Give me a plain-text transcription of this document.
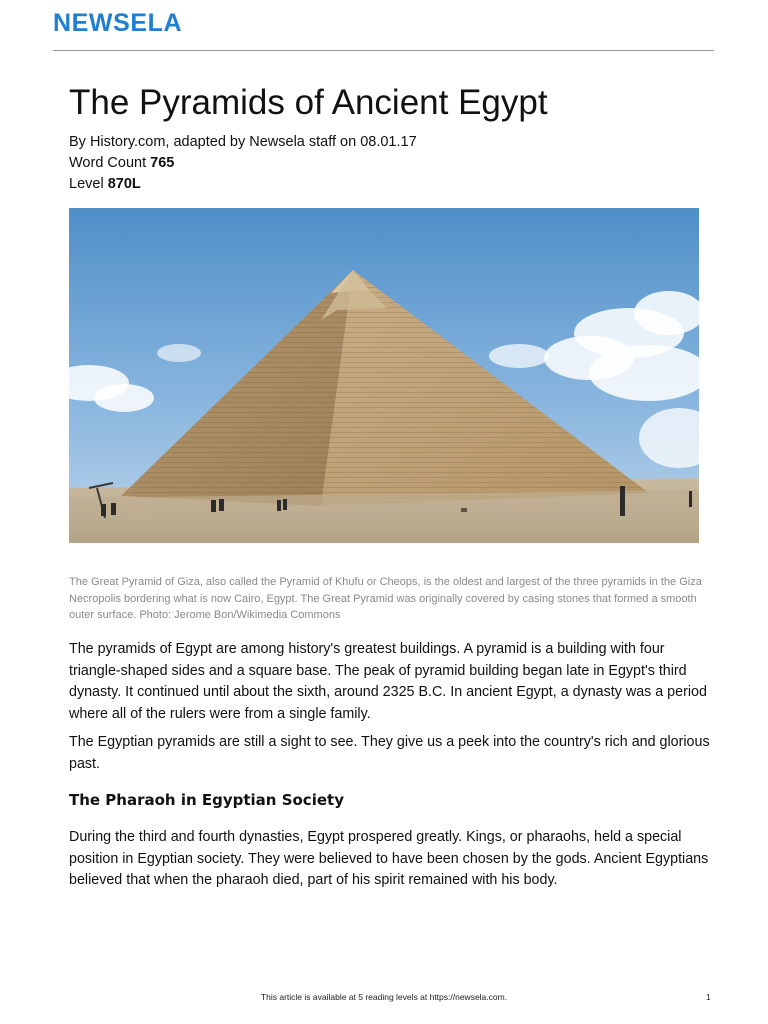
NEWSELA
The Pyramids of Ancient Egypt
By History.com, adapted by Newsela staff on 08.01.17
Word Count 765
Level 870L
The Great Pyramid of Giza, also called the Pyramid of Khufu or Cheops, is the oldest and largest of the three pyramids in the Giza Necropolis bordering what is now Cairo, Egypt. The Great Pyramid was originally covered by casing stones that formed a smooth outer surface. Photo: Jerome Bon/Wikimedia Commons

The pyramids of Egypt are among history's greatest buildings. A pyramid is a building with four triangle-shaped sides and a square base. The peak of pyramid building began late in Egypt's third dynasty. It continued until about the sixth, around 2325 B.C. In ancient Egypt, a dynasty was a period where all of the rulers were from a single family.

The Egyptian pyramids are still a sight to see. They give us a peek into the country's rich and glorious past.

The Pharaoh in Egyptian Society

During the third and fourth dynasties, Egypt prospered greatly. Kings, or pharaohs, held a special position in Egyptian society. They were believed to have been chosen by the gods. Ancient Egyptians believed that when the pharaoh died, part of his spirit remained with his body.

This article is available at 5 reading levels at https://newsela.com.	1
